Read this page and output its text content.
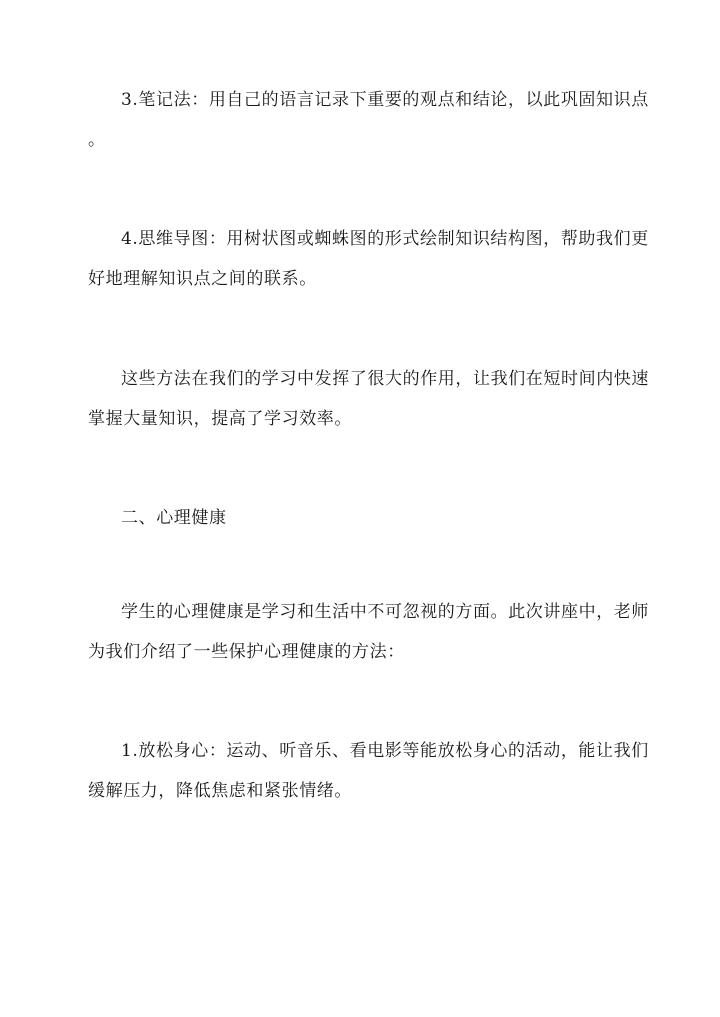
3.笔记法：用自己的语言记录下重要的观点和结论，以此巩固知识点
。

4.思维导图：用树状图或蜘蛛图的形式绘制知识结构图，帮助我们更
好地理解知识点之间的联系。

这些方法在我们的学习中发挥了很大的作用，让我们在短时间内快速
掌握大量知识，提高了学习效率。

二、心理健康

学生的心理健康是学习和生活中不可忽视的方面。此次讲座中，老师
为我们介绍了一些保护心理健康的方法：

1.放松身心：运动、听音乐、看电影等能放松身心的活动，能让我们
缓解压力，降低焦虑和紧张情绪。
